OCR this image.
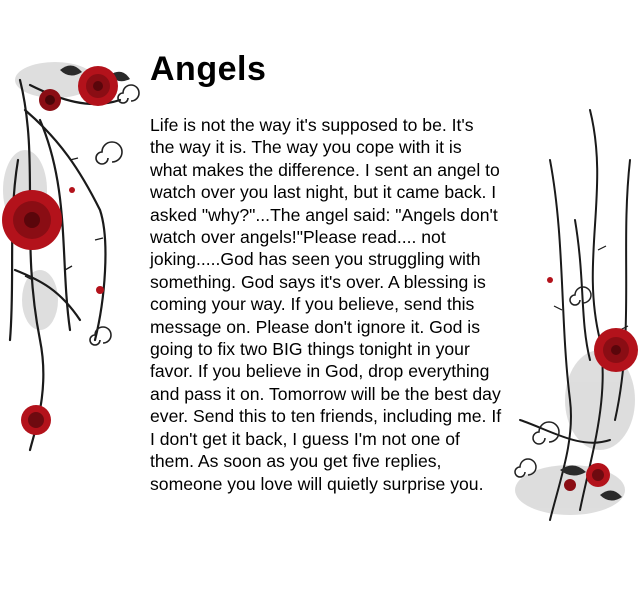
Angels

Life is not the way it's supposed to be. It's the way it is. The way you cope with it is what makes the difference. I sent an angel to watch over you last night, but it came back. I asked "why?"...The angel said: "Angels don't watch over angels!"Please read.... not joking.....God has seen you struggling with something. God says it's over. A blessing is coming your way. If you believe, send this message on. Please don't ignore it. God is going to fix two BIG things tonight in your favor. If you believe in God, drop everything and pass it on. Tomorrow will be the best day ever. Send this to ten friends, including me. If I don't get it back, I guess I'm not one of them. As soon as you get five replies, someone you love will quietly surprise you.
